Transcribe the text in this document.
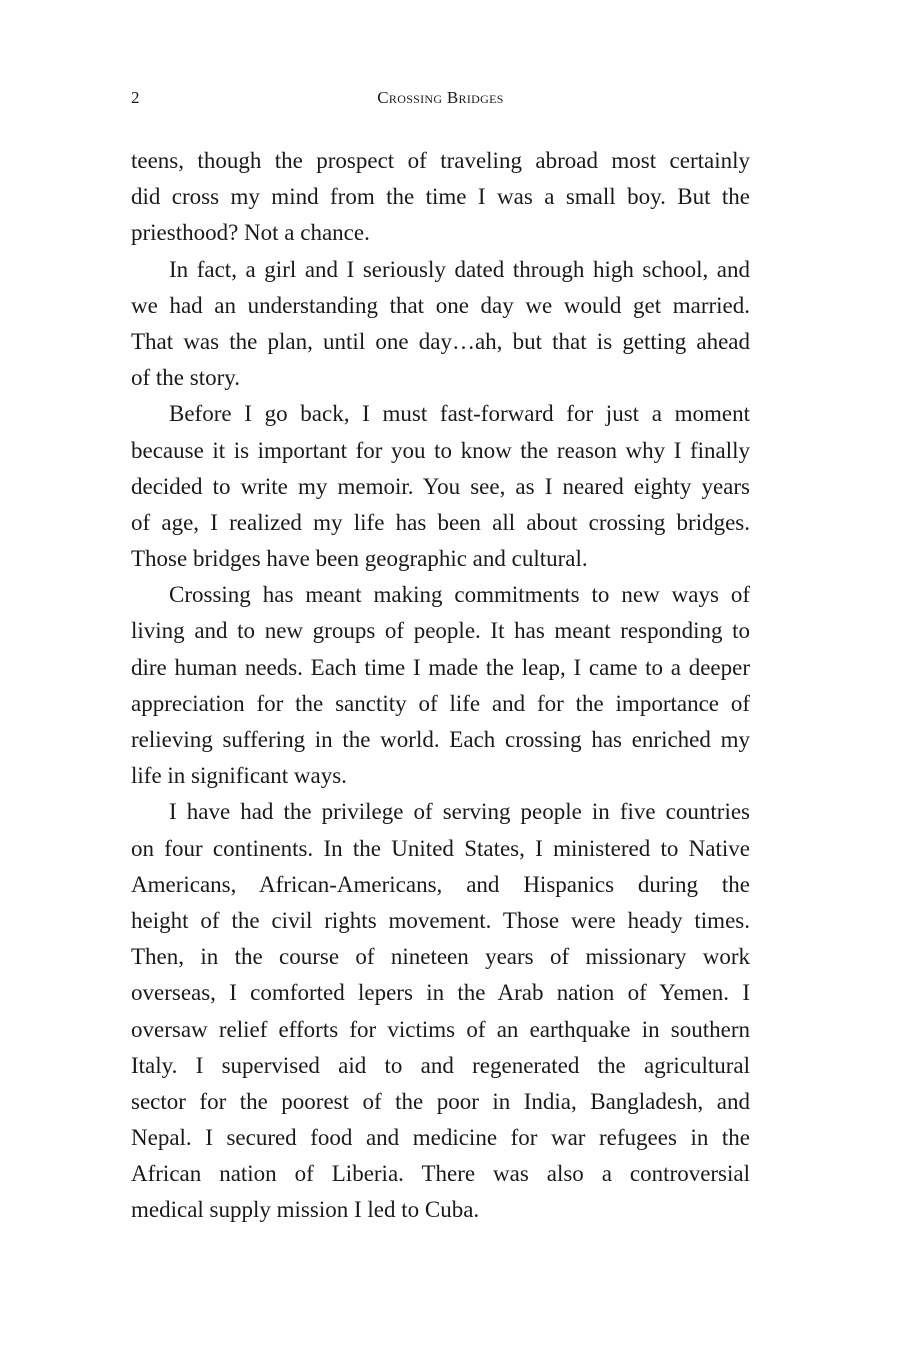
2	Crossing Bridges
teens, though the prospect of traveling abroad most certainly
did cross my mind from the time I was a small boy. But the
priesthood? Not a chance.
In fact, a girl and I seriously dated through high school, and
we had an understanding that one day we would get married.
That was the plan, until one day…ah, but that is getting ahead
of the story.
Before I go back, I must fast-forward for just a moment
because it is important for you to know the reason why I finally
decided to write my memoir. You see, as I neared eighty years
of age, I realized my life has been all about crossing bridges.
Those bridges have been geographic and cultural.
Crossing has meant making commitments to new ways of
living and to new groups of people. It has meant responding to
dire human needs. Each time I made the leap, I came to a deeper
appreciation for the sanctity of life and for the importance of
relieving suffering in the world. Each crossing has enriched my
life in significant ways.
I have had the privilege of serving people in five countries
on four continents. In the United States, I ministered to Native
Americans, African-Americans, and Hispanics during the
height of the civil rights movement. Those were heady times.
Then, in the course of nineteen years of missionary work
overseas, I comforted lepers in the Arab nation of Yemen. I
oversaw relief efforts for victims of an earthquake in southern
Italy. I supervised aid to and regenerated the agricultural
sector for the poorest of the poor in India, Bangladesh, and
Nepal. I secured food and medicine for war refugees in the
African nation of Liberia. There was also a controversial
medical supply mission I led to Cuba.
